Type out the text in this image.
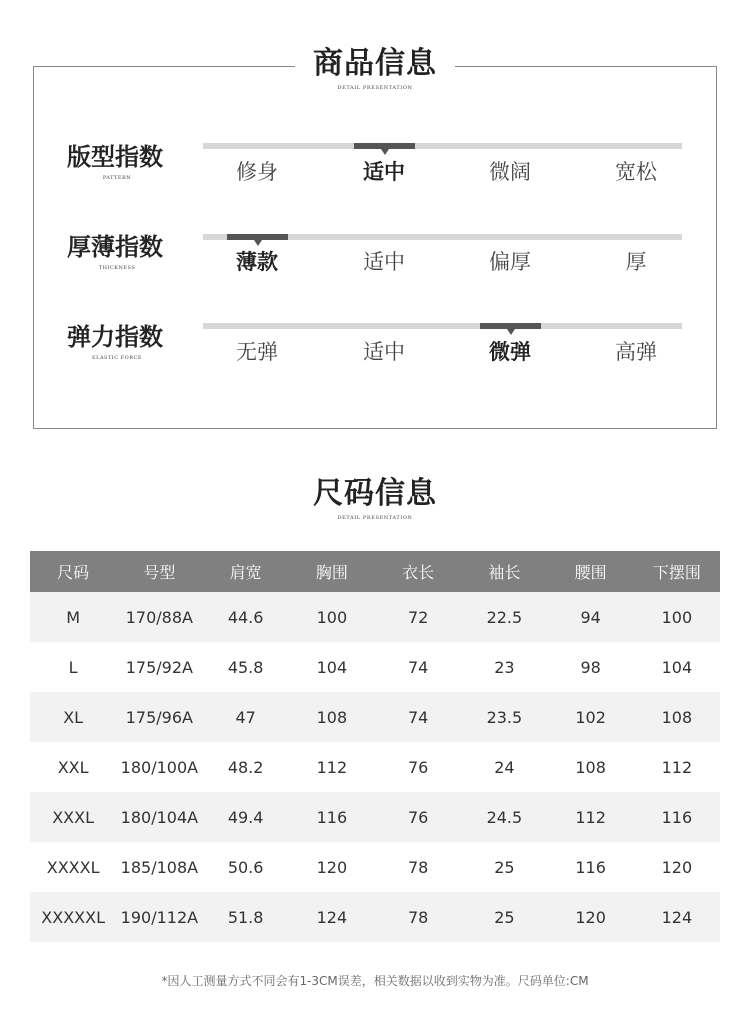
商品信息
DETAIL PRESENTATION
版型指数
PATTERN	修身	适中	微阔	宽松
厚薄指数
THICKNESS	薄款	适中	偏厚	厚
弹力指数
ELASTIC FORCE	无弹	适中	微弹	高弹
尺码信息
DETAIL PRESENTATION
尺码	号型	肩宽	胸围	衣长	袖长	腰围	下摆围
M	170/88A	44.6	100	72	22.5	94	100
L	175/92A	45.8	104	74	23	98	104
XL	175/96A	47	108	74	23.5	102	108
XXL	180/100A	48.2	112	76	24	108	112
XXXL	180/104A	49.4	116	76	24.5	112	116
XXXXL	185/108A	50.6	120	78	25	116	120
XXXXXL	190/112A	51.8	124	78	25	120	124
*因人工测量方式不同会有1-3CM误差，相关数据以收到实物为准。尺码单位:CM
